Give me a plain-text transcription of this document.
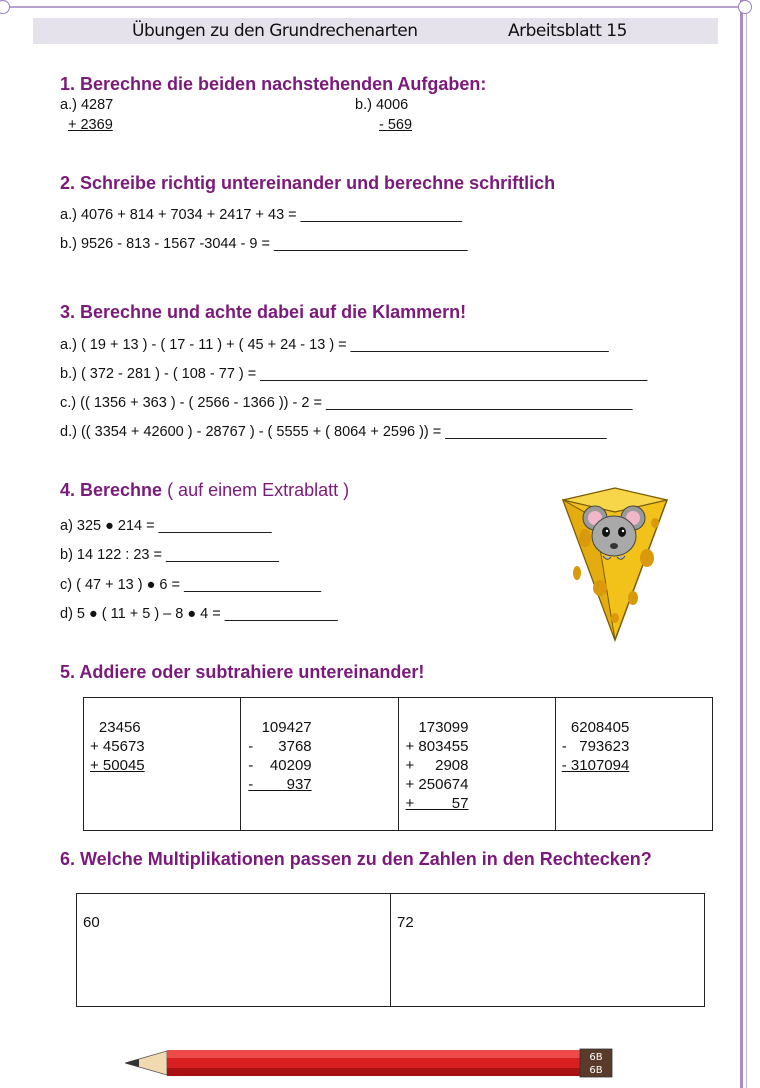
Übungen zu den Grundrechenarten	Arbeitsblatt 15
1. Berechne die beiden nachstehenden Aufgaben:
a.) 4287
+ 2369
b.) 4006
- 569
2. Schreibe richtig untereinander und berechne schriftlich
a.) 4076 + 814 + 7034 + 2417 + 43 = ____________________
b.) 9526 - 813 - 1567 -3044 - 9 = ________________________
3. Berechne und achte dabei auf die Klammern!
a.) ( 19 + 13 ) - ( 17 - 11 ) + ( 45 + 24 - 13 ) = ________________________________
b.) ( 372 - 281 ) - ( 108 - 77 ) = ________________________________________________
c.) (( 1356 + 363 ) - ( 2566 - 1366 )) - 2 = ______________________________________
d.) (( 3354 + 42600 ) - 28767 ) - ( 5555 + ( 8064 + 2596 )) = ____________________
4. Berechne ( auf einem Extrablatt )
a) 325 ● 214 = ______________
b) 14 122 : 23 = ______________
c) ( 47 + 13 ) ● 6 = _________________
d) 5 ● ( 11 + 5 ) – 8 ● 4 = ______________
5. Addiere oder subtrahiere untereinander!
23456
+ 45673
+ 50045

109427
-      3768
-    40209
-        937

173099
+ 803455
+     2908
+ 250674
+         57

6208405
-   793623
- 3107094
6. Welche Multiplikationen passen zu den Zahlen in den Rechtecken?
60	72
6B
6B
